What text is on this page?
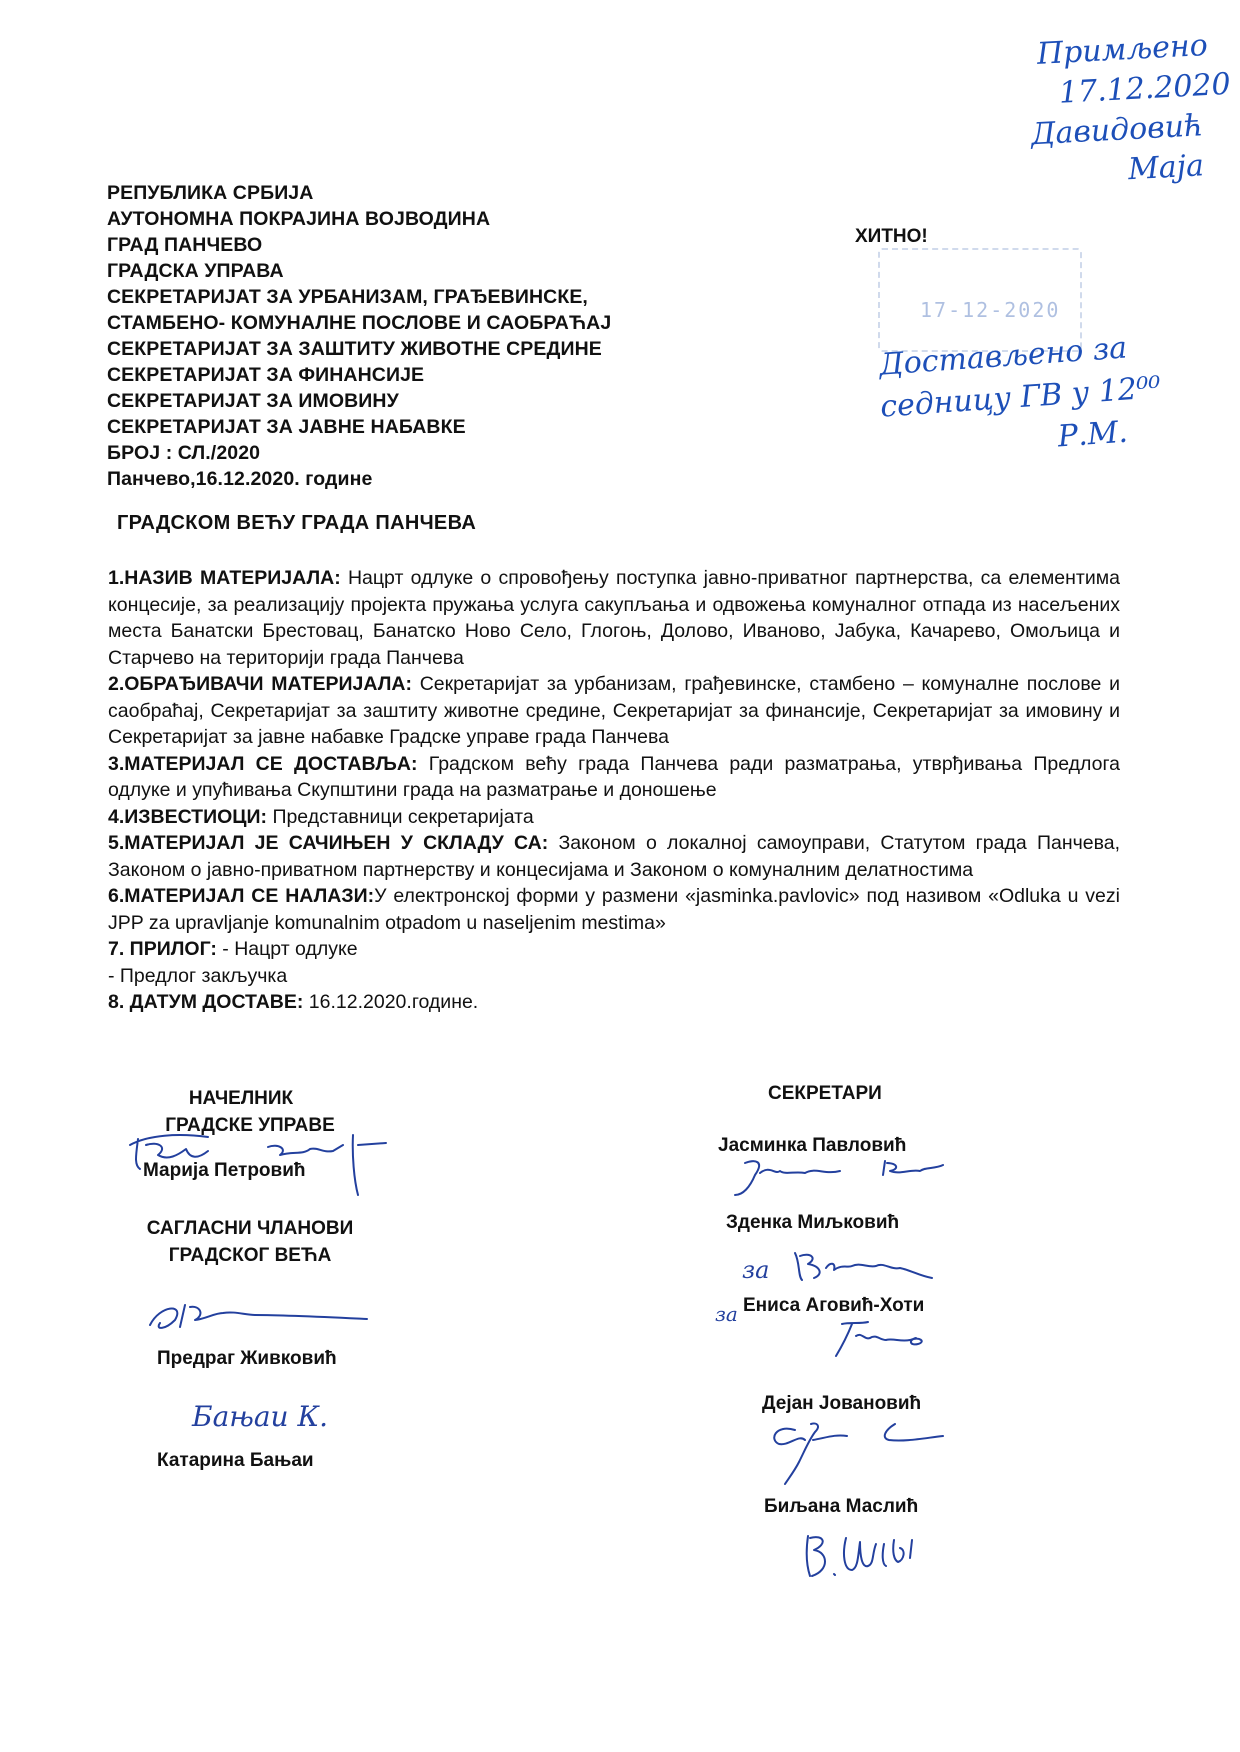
РЕПУБЛИКА СРБИЈА
АУТОНОМНА ПОКРАЈИНА ВОЈВОДИНА
ГРАД ПАНЧЕВО
ГРАДСКА УПРАВА
СЕКРЕТАРИЈАТ ЗА УРБАНИЗАМ, ГРАЂЕВИНСКЕ,
СТАМБЕНО- КОМУНАЛНЕ ПОСЛОВЕ И САОБРАЋАЈ
СЕКРЕТАРИЈАТ ЗА ЗАШТИТУ ЖИВОТНЕ СРЕДИНЕ
СЕКРЕТАРИЈАТ ЗА ФИНАНСИЈЕ
СЕКРЕТАРИЈАТ ЗА ИМОВИНУ
СЕКРЕТАРИЈАТ ЗА ЈАВНЕ НАБАВКЕ
БРОЈ : СЛ./2020
Панчево,16.12.2020. године
Примљено
17.12.2020
Давидовић
Маја
ХИТНО!
17-12-2020
Достављено за
седницу ГВ у 12⁰⁰
Р.М.
ГРАДСКОМ ВЕЋУ ГРАДА ПАНЧЕВА

1.НАЗИВ МАТЕРИЈАЛА: Нацрт одлуке о спровођењу поступка јавно-приватног партнерства, са елементима концесије, за реализацију пројекта пружања услуга сакупљања и одвожења комуналног отпада из насељених места Банатски Брестовац, Банатско Ново Село, Глогоњ, Долово, Иваново, Јабука, Качарево, Омољица и Старчево на територији града Панчева

2.ОБРАЂИВАЧИ МАТЕРИЈАЛА: Секретаријат за урбанизам, грађевинске, стамбено – комуналне послове и саобраћај, Секретаријат за заштиту животне средине, Секретаријат за финансије, Секретаријат за имовину и Секретаријат за јавне набавке Градске управе града Панчева

3.МАТЕРИЈАЛ СЕ ДОСТАВЉА: Градском већу града Панчева ради разматрања, утврђивања Предлога одлуке и упућивања Скупштини града на разматрање и доношење

4.ИЗВЕСТИОЦИ: Представници секретаријата

5.МАТЕРИЈАЛ ЈЕ САЧИЊЕН У СКЛАДУ СА: Законом о локалној самоуправи, Статутом града Панчева, Законом о јавно-приватном партнерству и концесијама и Законом о комуналним делатностима

6.МАТЕРИЈАЛ СЕ НАЛАЗИ:У електронској форми у размени «jasminka.pavlovic» под називом «Odluka u vezi JPP za upravljanje komunalnim otpadom u naseljenim mestima»

7. ПРИЛОГ: - Нацрт одлуке

- Предлог закључка

8. ДАТУМ ДОСТАВЕ: 16.12.2020.године.

НАЧЕЛНИК
ГРАДСКЕ УПРАВЕ
Марија Петровић
САГЛАСНИ ЧЛАНОВИ
ГРАДСКОГ ВЕЋА
Предраг Живковић
Бањаи К.
Катарина Бањаи
СЕКРЕТАРИ
Јасминка Павловић
Зденка Миљковић
за
за Ениса Аговић-Хоти
Дејан Јовановић
Биљана Маслић
